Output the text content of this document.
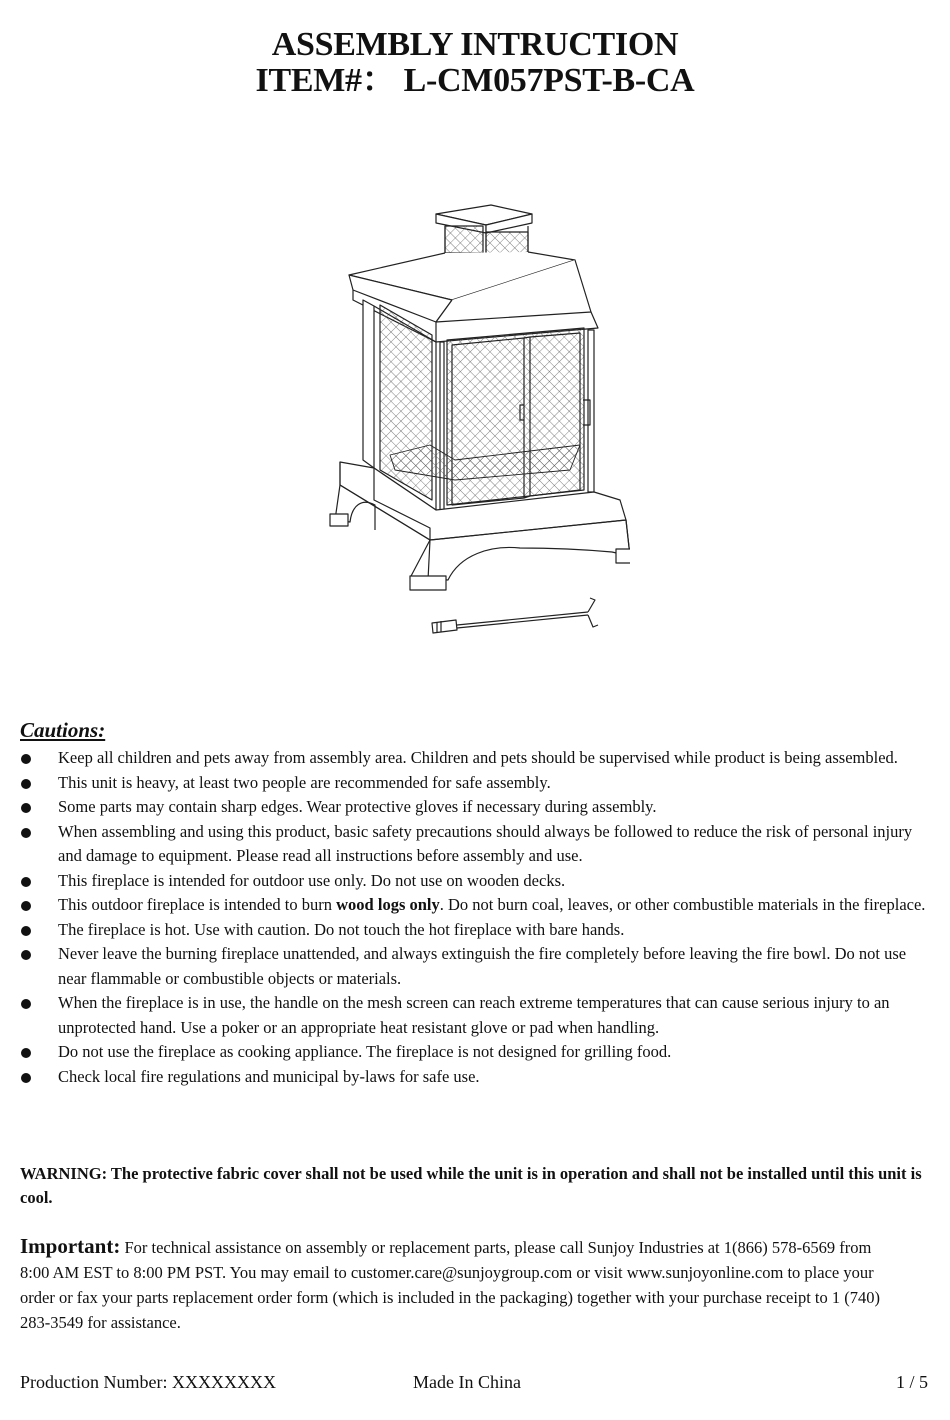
ASSEMBLY INTRUCTION
ITEM#： L-CM057PST-B-CA
Cautions:
Keep all children and pets away from assembly area. Children and pets should be supervised while product is being assembled.
This unit is heavy, at least two people are recommended for safe assembly.
Some parts may contain sharp edges. Wear protective gloves if necessary during assembly.
When assembling and using this product, basic safety precautions should always be followed to reduce the risk of personal injury and damage to equipment. Please read all instructions before assembly and use.
This fireplace is intended for outdoor use only. Do not use on wooden decks.
This outdoor fireplace is intended to burn wood logs only. Do not burn coal, leaves, or other combustible materials in the fireplace.
The fireplace is hot. Use with caution. Do not touch the hot fireplace with bare hands.
Never leave the burning fireplace unattended, and always extinguish the fire completely before leaving the fire bowl. Do not use near flammable or combustible objects or materials.
When the fireplace is in use, the handle on the mesh screen can reach extreme temperatures that can cause serious injury to an unprotected hand. Use a poker or an appropriate heat resistant glove or pad when handling.
Do not use the fireplace as cooking appliance. The fireplace is not designed for grilling food.
Check local fire regulations and municipal by-laws for safe use.
WARNING: The protective fabric cover shall not be used while the unit is in operation and shall not be installed until this unit is cool.
Important: For technical assistance on assembly or replacement parts, please call Sunjoy Industries at 1(866) 578-6569 from 8:00 AM EST to 8:00 PM PST. You may email to customer.care@sunjoygroup.com or visit www.sunjoyonline.com to place your order or fax your parts replacement order form (which is included in the packaging) together with your purchase receipt to 1 (740) 283-3549 for assistance.
Production Number: XXXXXXXX	Made In China	1 / 5
